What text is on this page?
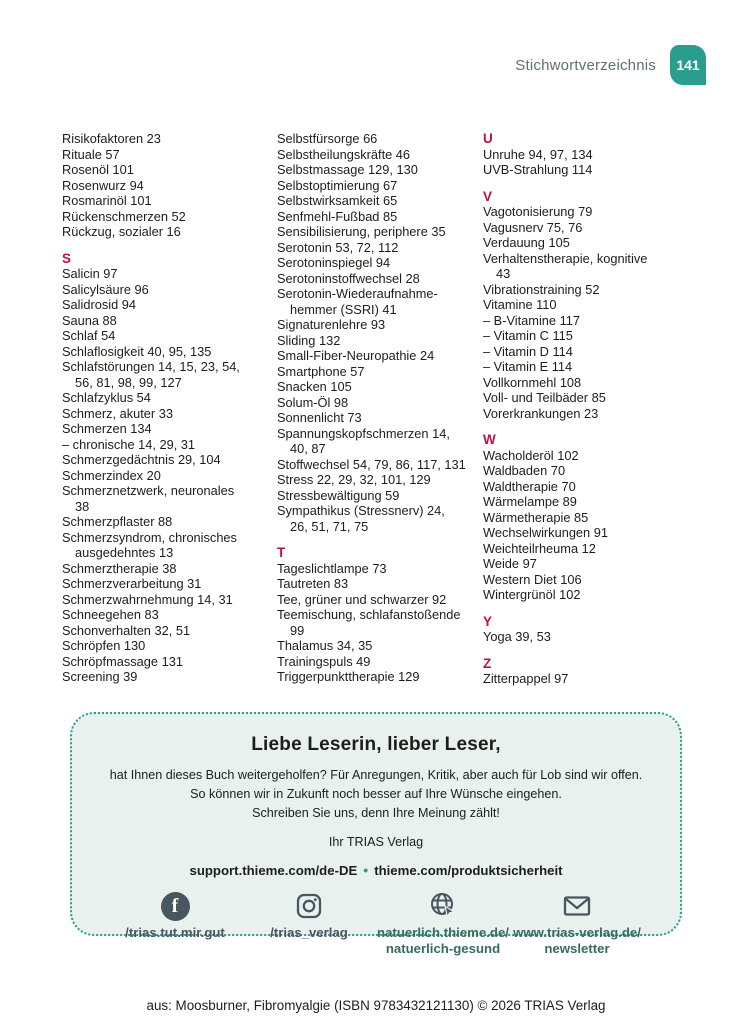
Stichwortverzeichnis	141
Risikofaktoren 23
Rituale 57
Rosenöl 101
Rosenwurz 94
Rosmarinöl 101
Rückenschmerzen 52
Rückzug, sozialer 16
S
Salicin 97
Salicylsäure 96
Salidrosid 94
Sauna 88
Schlaf 54
Schlaflosigkeit 40, 95, 135
Schlafstörungen 14, 15, 23, 54,
56, 81, 98, 99, 127
Schlafzyklus 54
Schmerz, akuter 33
Schmerzen 134
– chronische 14, 29, 31
Schmerzgedächtnis 29, 104
Schmerzindex 20
Schmerznetzwerk, neuronales
38
Schmerzpflaster 88
Schmerzsyndrom, chronisches
ausgedehntes 13
Schmerztherapie 38
Schmerzverarbeitung 31
Schmerzwahrnehmung 14, 31
Schneegehen 83
Schonverhalten 32, 51
Schröpfen 130
Schröpfmassage 131
Screening 39
Selbstfürsorge 66
Selbstheilungskräfte 46
Selbstmassage 129, 130
Selbstoptimierung 67
Selbstwirksamkeit 65
Senfmehl-Fußbad 85
Sensibilisierung, periphere 35
Serotonin 53, 72, 112
Serotoninspiegel 94
Serotoninstoffwechsel 28
Serotonin-Wiederaufnahme-
hemmer (SSRI) 41
Signaturenlehre 93
Sliding 132
Small-Fiber-Neuropathie 24
Smartphone 57
Snacken 105
Solum-Öl 98
Sonnenlicht 73
Spannungskopfschmerzen 14,
40, 87
Stoffwechsel 54, 79, 86, 117, 131
Stress 22, 29, 32, 101, 129
Stressbewältigung 59
Sympathikus (Stressnerv) 24,
26, 51, 71, 75
T
Tageslichtlampe 73
Tautreten 83
Tee, grüner und schwarzer 92
Teemischung, schlafanstoßende
99
Thalamus 34, 35
Trainingspuls 49
Triggerpunkttherapie 129
U
Unruhe 94, 97, 134
UVB-Strahlung 114
V
Vagotonisierung 79
Vagusnerv 75, 76
Verdauung 105
Verhaltenstherapie, kognitive
43
Vibrationstraining 52
Vitamine 110
– B-Vitamine 117
– Vitamin C 115
– Vitamin D 114
– Vitamin E 114
Vollkornmehl 108
Voll- und Teilbäder 85
Vorerkrankungen 23
W
Wacholderöl 102
Waldbaden 70
Waldtherapie 70
Wärmelampe 89
Wärmetherapie 85
Wechselwirkungen 91
Weichteilrheuma 12
Weide 97
Western Diet 106
Wintergrünöl 102
Y
Yoga 39, 53
Z
Zitterpappel 97
Liebe Leserin, lieber Leser,
hat Ihnen dieses Buch weitergeholfen? Für Anregungen, Kritik, aber auch für Lob sind wir offen.
So können wir in Zukunft noch besser auf Ihre Wünsche eingehen.
Schreiben Sie uns, denn Ihre Meinung zählt!
Ihr TRIAS Verlag
support.thieme.com/de-DE • thieme.com/produktsicherheit
f
/trias.tut.mir.gut	/trias_verlag natuerlich.thieme.de/
natuerlich-gesund
www.trias-verlag.de/
newsletter
aus: Moosburner, Fibromyalgie (ISBN 9783432121130) © 2026 TRIAS Verlag
